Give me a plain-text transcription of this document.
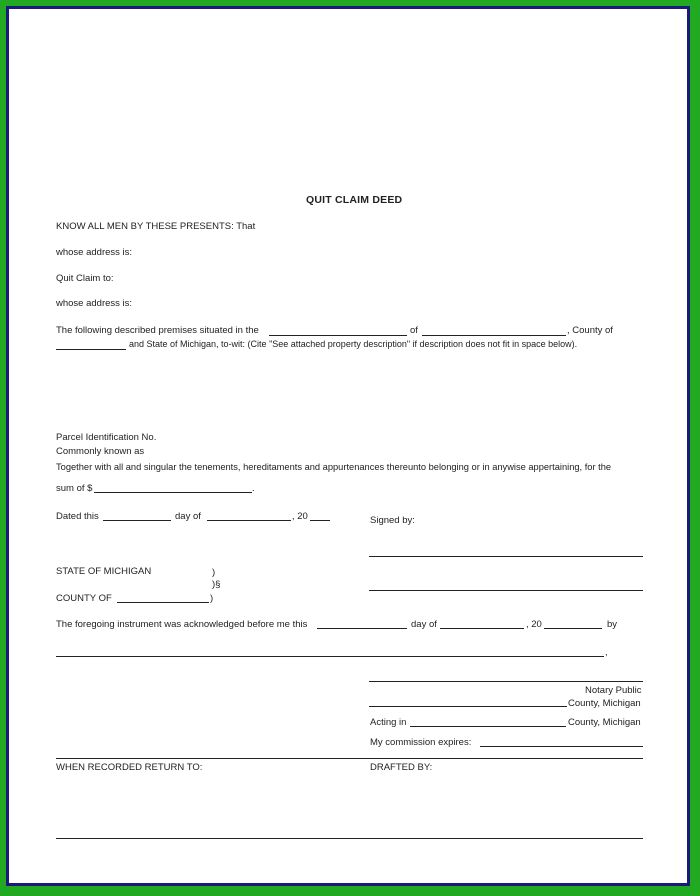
QUIT CLAIM DEED
KNOW ALL MEN BY THESE PRESENTS: That
whose address is:
Quit Claim to:
whose address is:
The following described premises situated in the	of	, County of
and State of Michigan, to-wit: (Cite "See attached property description" if description does not fit in space below).
Parcel Identification No.
Commonly known as
Together with all and singular the tenements, hereditaments and appurtenances thereunto belonging or in anywise appertaining, for the
sum of $	.
Dated this	day of	, 20	Signed by:
STATE OF MICHIGAN	)
)§
COUNTY OF	)
The foregoing instrument was acknowledged before me this	day of	, 20	by
,
Notary Public
County, Michigan
Acting in	County, Michigan
My commission expires:
WHEN RECORDED RETURN TO:	DRAFTED BY:
